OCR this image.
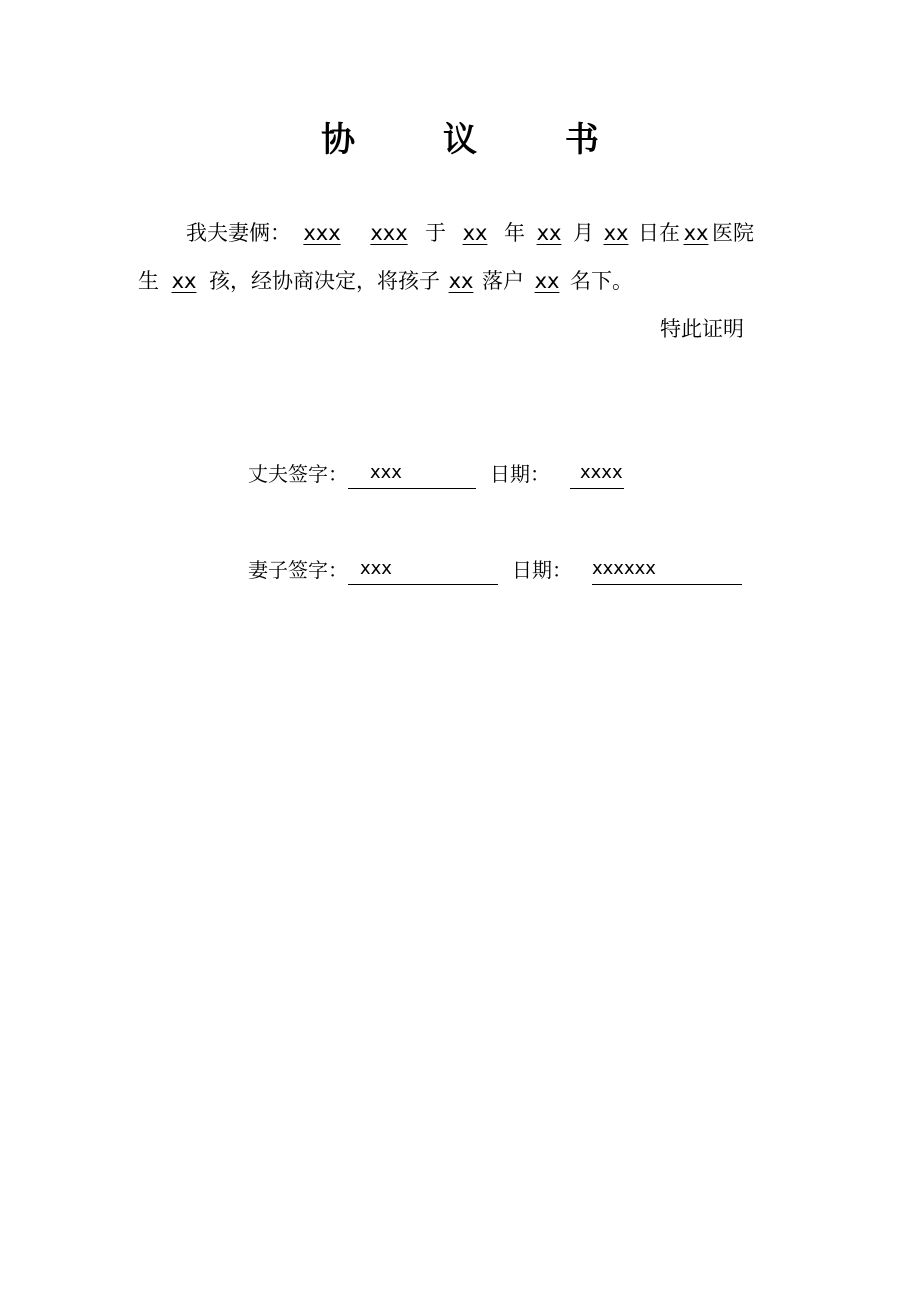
协 议 书
我夫妻俩： xxx xxx 于 xx 年 xx 月 xx 日在 xx 医院
生 xx 孩，经协商决定，将孩子 xx 落户 xx 名下。
特此证明
丈夫签字： xxx	日期： xxxx
妻子签字： xxx	日期： xxxxxx
